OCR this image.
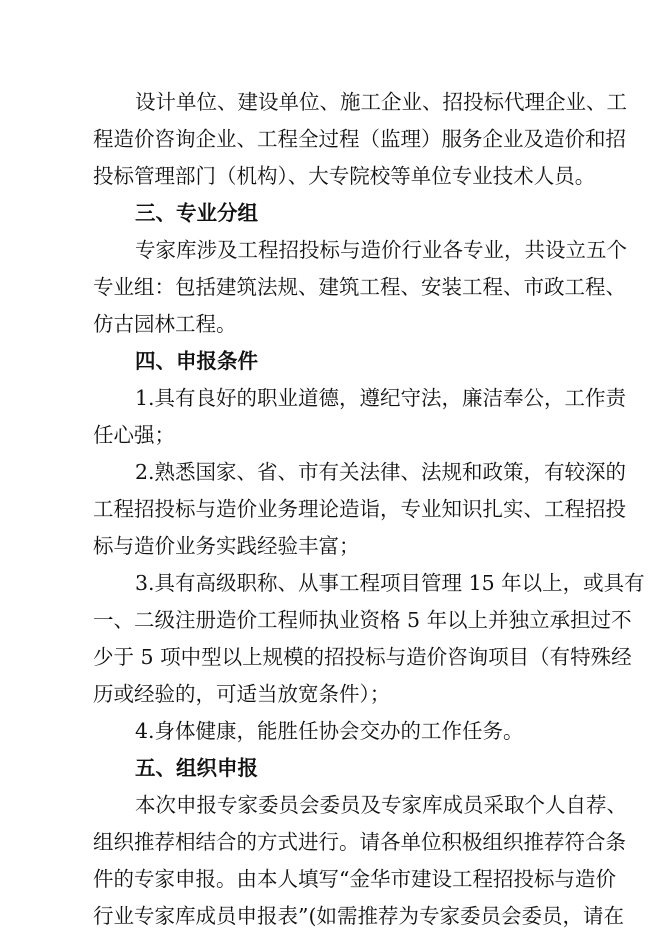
设计单位、建设单位、施工企业、招投标代理企业、工
程造价咨询企业、工程全过程（监理）服务企业及造价和招
投标管理部门（机构）、大专院校等单位专业技术人员。
三、专业分组
专家库涉及工程招投标与造价行业各专业，共设立五个
专业组：包括建筑法规、建筑工程、安装工程、市政工程、
仿古园林工程。
四、申报条件
1.具有良好的职业道德，遵纪守法，廉洁奉公，工作责
任心强；
2.熟悉国家、省、市有关法律、法规和政策，有较深的
工程招投标与造价业务理论造诣，专业知识扎实、工程招投
标与造价业务实践经验丰富；
3.具有高级职称、从事工程项目管理 15 年以上，或具有
一、二级注册造价工程师执业资格 5 年以上并独立承担过不
少于 5 项中型以上规模的招投标与造价咨询项目（有特殊经
历或经验的，可适当放宽条件）；
4.身体健康，能胜任协会交办的工作任务。
五、组织申报
本次申报专家委员会委员及专家库成员采取个人自荐、
组织推荐相结合的方式进行。请各单位积极组织推荐符合条
件的专家申报。由本人填写“金华市建设工程招投标与造价
行业专家库成员申报表”(如需推荐为专家委员会委员，请在
